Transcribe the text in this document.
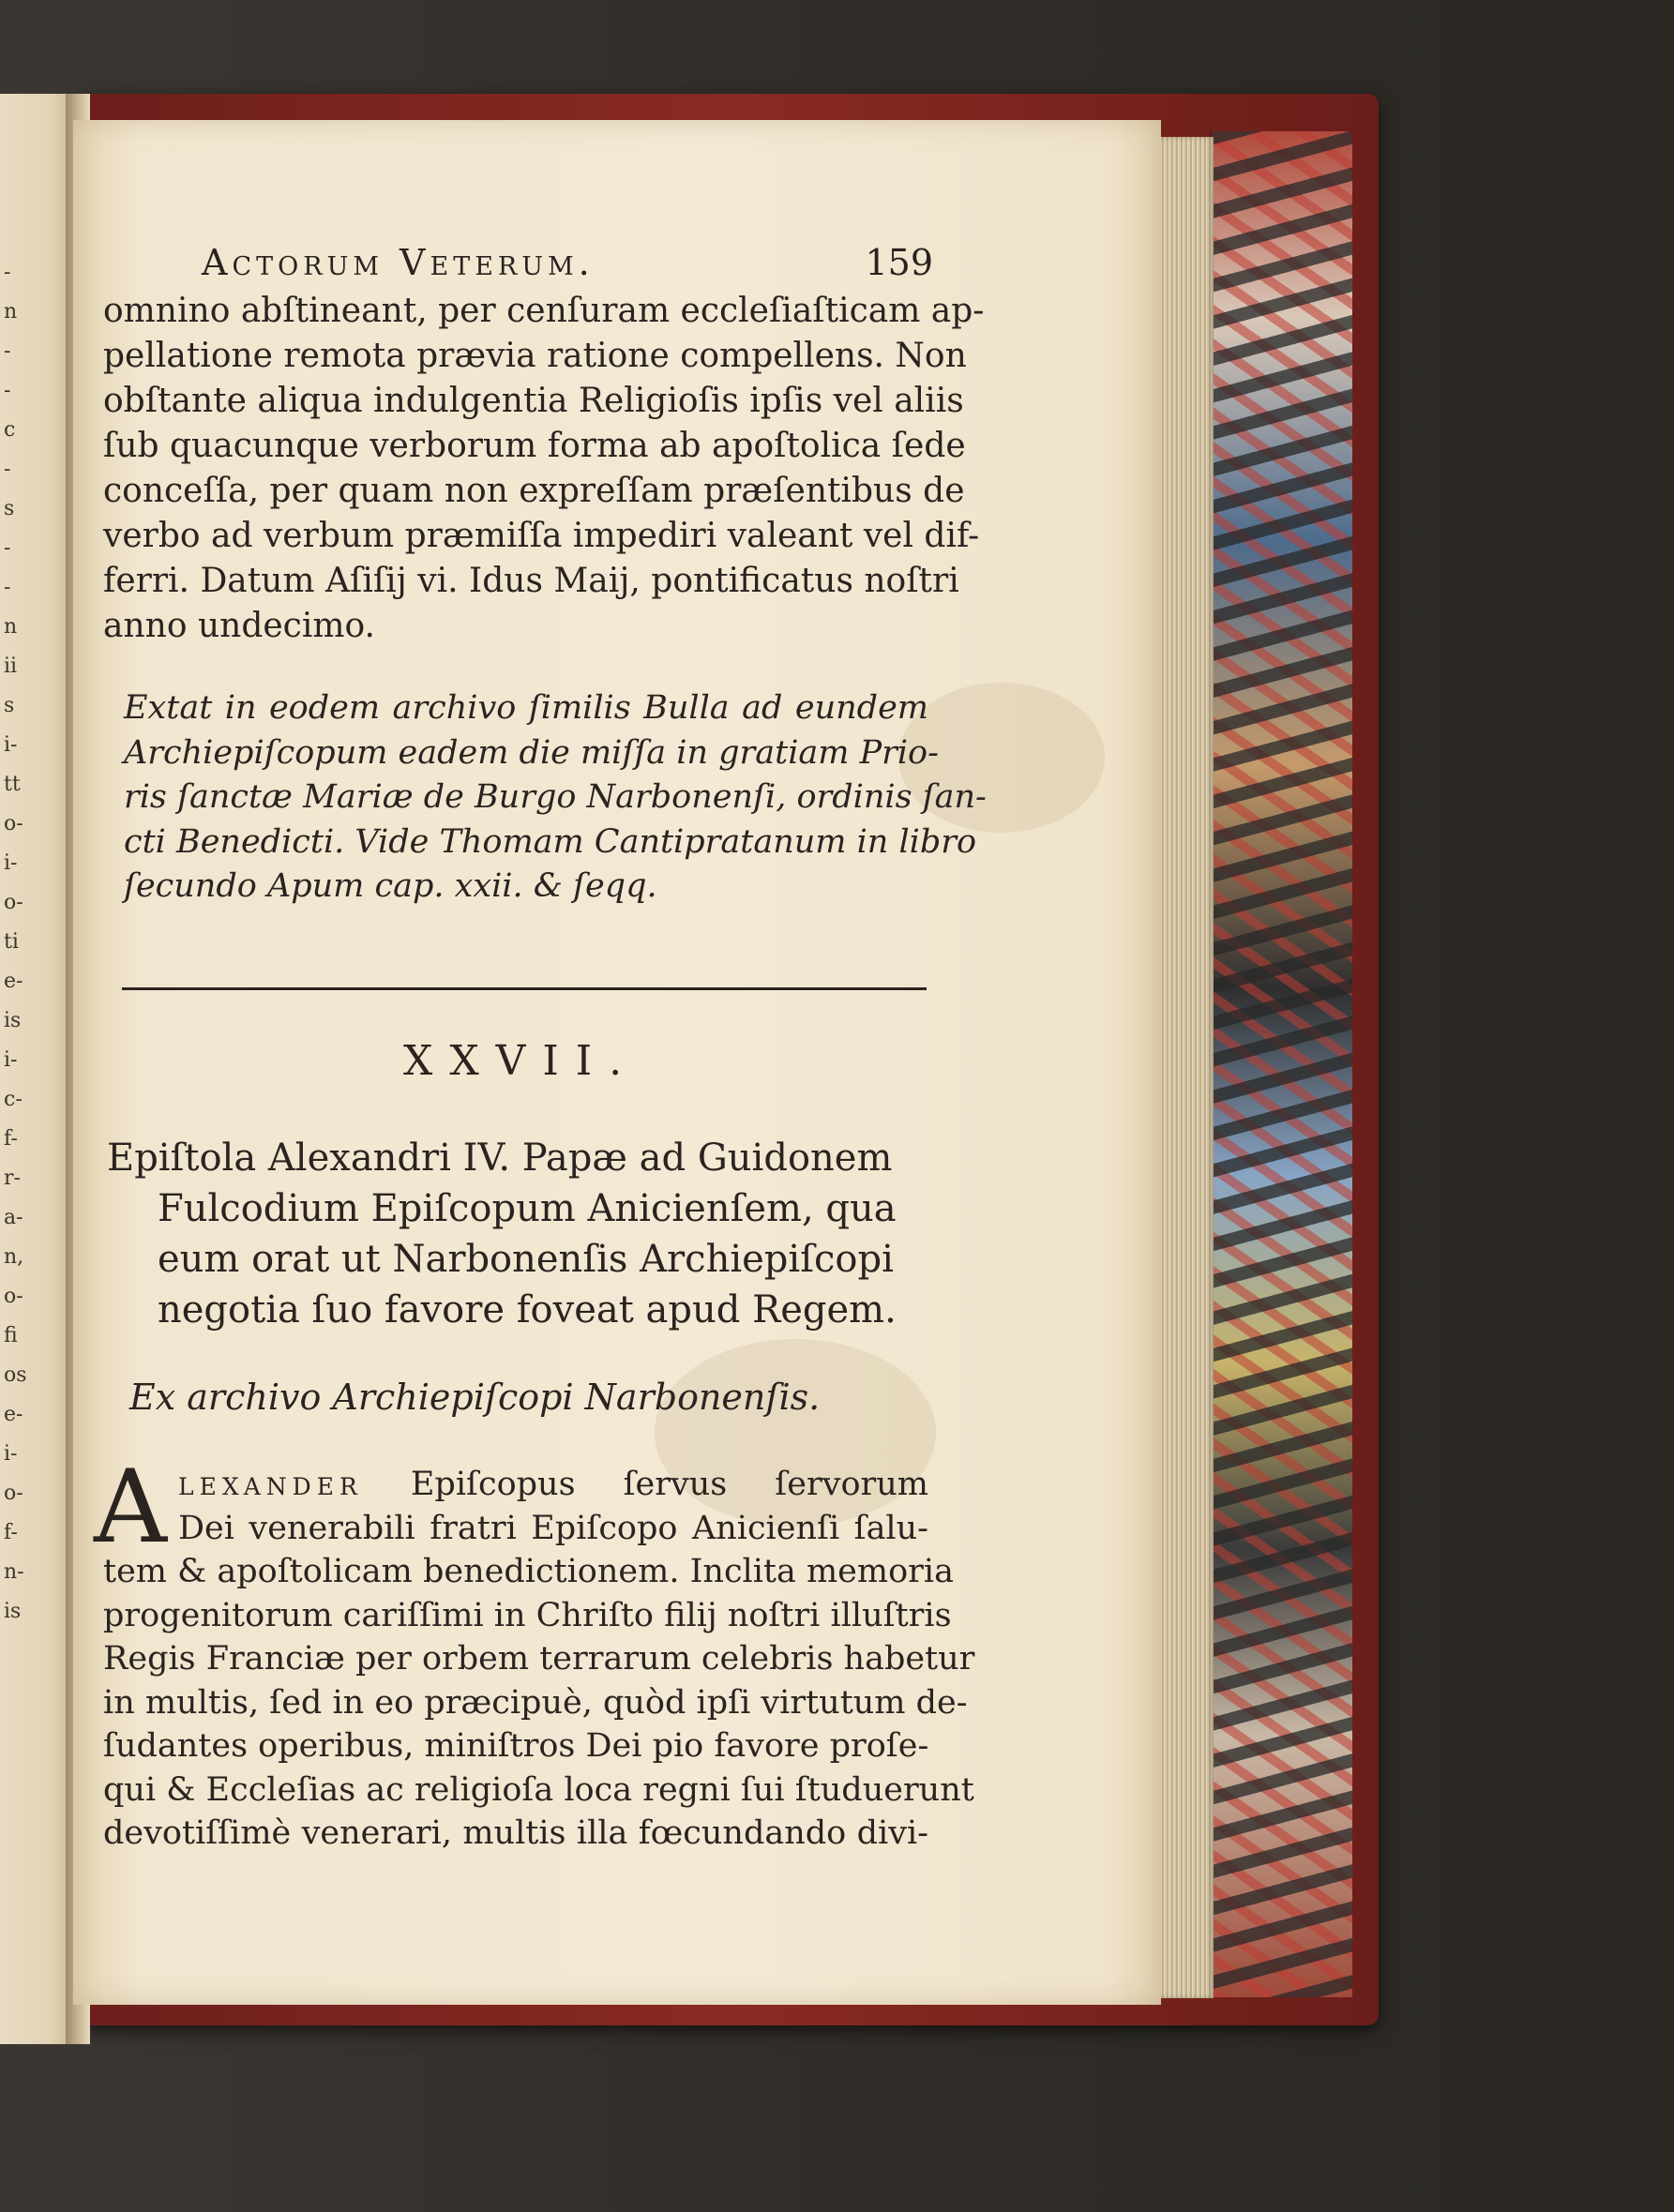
-
n
-
-
c
-
s
-
-
n
ii
s
i-
tt
o-
i-
o-
ti
e-
is
i-
c-
f-
r-
a-
n,
o-
fi
os
e-
i-
o-
f-
n-
is
Actorum Veterum.	159
omnino abſtineant, per cenſuram eccleſiaſticam ap-
pellatione remota prævia ratione compellens. Non
obſtante aliqua indulgentia Religioſis ipſis vel aliis
ſub quacunque verborum forma ab apoſtolica ſede
conceſſa, per quam non expreſſam præſentibus de
verbo ad verbum præmiſſa impediri valeant vel dif-
ferri. Datum Aſiſij vi. Idus Maij, pontificatus noſtri
anno undecimo.
Extat in eodem archivo ſimilis Bulla ad eundem
Archiepiſcopum eadem die miſſa in gratiam Prio-
ris ſanctæ Mariæ de Burgo Narbonenſi, ordinis ſan-
cti Benedicti. Vide Thomam Cantipratanum in libro
ſecundo Apum cap. xxii. & ſeqq.
XXVII.
Epiſtola Alexandri IV. Papæ ad Guidonem
Fulcodium Epiſcopum Anicienſem, qua
eum orat ut Narbonenſis Archiepiſcopi
negotia ſuo favore foveat apud Regem.
Ex archivo Archiepiſcopi Narbonenſis.
A lexander Epiſcopus ſervus ſervorum
Dei venerabili fratri Epiſcopo Anicienſi ſalu-
tem & apoſtolicam benedictionem. Inclita memoria
progenitorum cariſſimi in Chriſto filij noſtri illuſtris
Regis Franciæ per orbem terrarum celebris habetur
in multis, ſed in eo præcipuè, quòd ipſi virtutum de-
ſudantes operibus, miniſtros Dei pio favore proſe-
qui & Eccleſias ac religioſa loca regni ſui ſtuduerunt
devotiſſimè venerari, multis illa fœcundando divi-
